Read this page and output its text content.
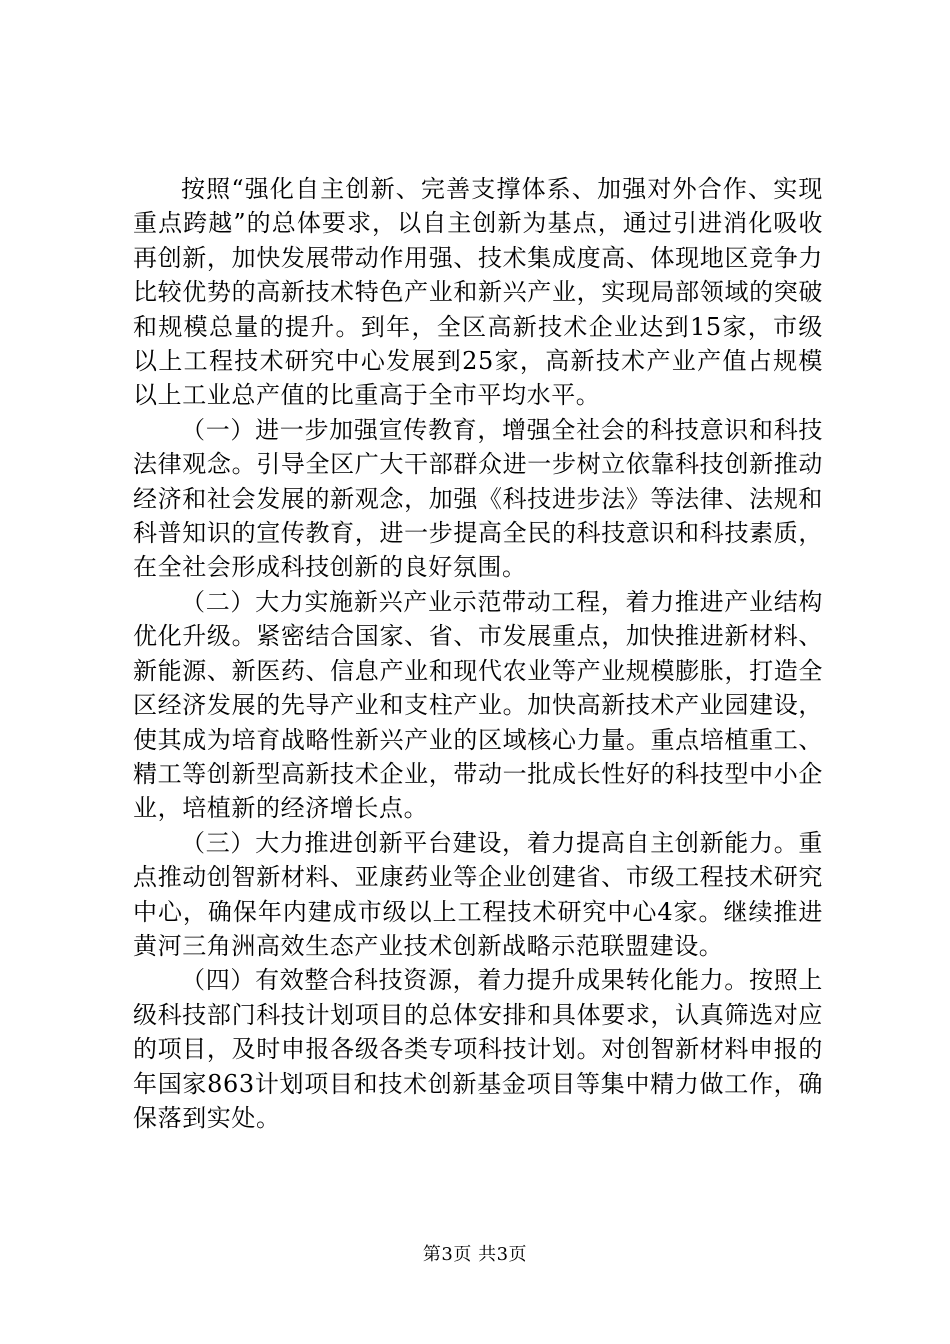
按照“强化自主创新、完善支撑体系、加强对外合作、实现重点跨越”的总体要求，以自主创新为基点，通过引进消化吸收再创新，加快发展带动作用强、技术集成度高、体现地区竞争力比较优势的高新技术特色产业和新兴产业，实现局部领域的突破和规模总量的提升。到年，全区高新技术企业达到15家，市级以上工程技术研究中心发展到25家，高新技术产业产值占规模以上工业总产值的比重高于全市平均水平。

（一）进一步加强宣传教育，增强全社会的科技意识和科技法律观念。引导全区广大干部群众进一步树立依靠科技创新推动经济和社会发展的新观念，加强《科技进步法》等法律、法规和科普知识的宣传教育，进一步提高全民的科技意识和科技素质，在全社会形成科技创新的良好氛围。

（二）大力实施新兴产业示范带动工程，着力推进产业结构优化升级。紧密结合国家、省、市发展重点，加快推进新材料、新能源、新医药、信息产业和现代农业等产业规模膨胀，打造全区经济发展的先导产业和支柱产业。加快高新技术产业园建设，使其成为培育战略性新兴产业的区域核心力量。重点培植重工、精工等创新型高新技术企业，带动一批成长性好的科技型中小企业，培植新的经济增长点。

（三）大力推进创新平台建设，着力提高自主创新能力。重点推动创智新材料、亚康药业等企业创建省、市级工程技术研究中心，确保年内建成市级以上工程技术研究中心4家。继续推进黄河三角洲高效生态产业技术创新战略示范联盟建设。

（四）有效整合科技资源，着力提升成果转化能力。按照上级科技部门科技计划项目的总体安排和具体要求，认真筛选对应的项目，及时申报各级各类专项科技计划。对创智新材料申报的年国家863计划项目和技术创新基金项目等集中精力做工作，确保落到实处。

第3页 共3页
